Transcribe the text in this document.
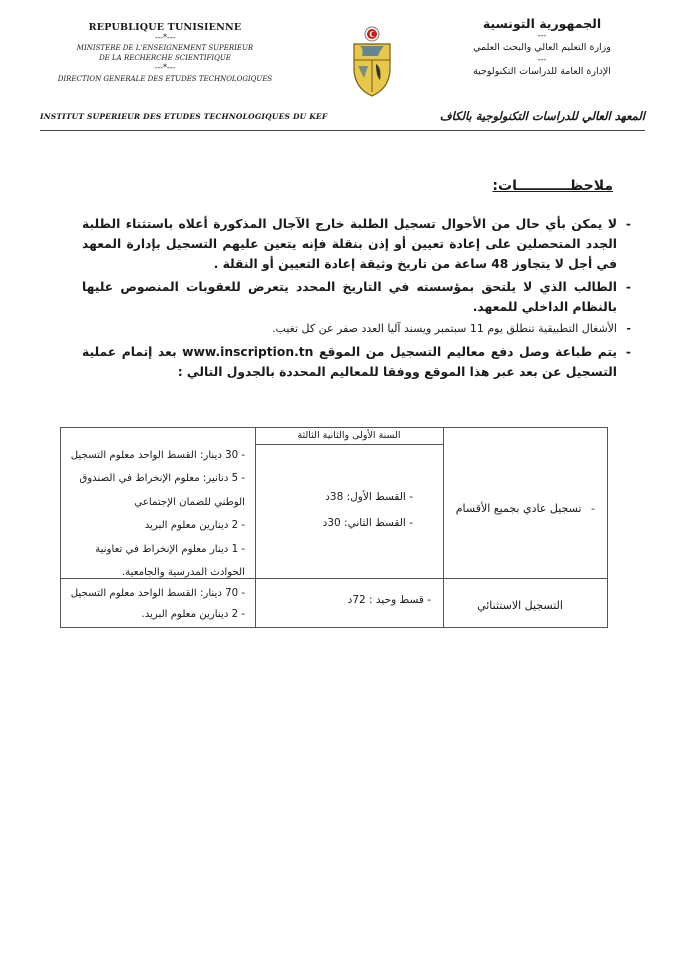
REPUBLIQUE TUNISIENNE
---*---
MINISTERE DE L'ENSEIGNEMENT SUPERIEUR
DE LA RECHERCHE SCIENTIFIQUE
---*---
DIRECTION GENERALE DES ETUDES TECHNOLOGIQUES
الجمهورية التونسية
---
وزارة التعليم العالي والبحث العلمي
---
الإدارة العامة للدراسات التكنولوجية
INSTITUT SUPERIEUR DES ETUDES TECHNOLOGIQUES DU KEF	المعهد العالي للدراسات التكنولوجية بالكاف
ملاحظـــــــــــات:
-
لا يمكن بأي حال من الأحوال تسجيل الطلبة خارج الآجال المذكورة أعلاه باستثناء الطلبة الجدد المتحصلين على إعادة تعيين أو إذن بنقلة فإنه يتعين عليهم التسجيل بإدارة المعهد في أجل لا يتجاوز 48 ساعة من تاريخ وثيقة إعادة التعيين أو النقلة .
-
الطالب الذي لا يلتحق بمؤسسته في التاريخ المحدد يتعرض للعقوبات المنصوص عليها بالنظام الداخلي للمعهد.
-
الأشغال التطبيقية تنطلق يوم 11 سبتمبر ويسند آليا العدد صفر عن كل تغيب.
-
يتم طباعة وصل دفع معاليم التسجيل من الموقع www.inscription.tn بعد إتمام عملية التسجيل عن بعد عبر هذا الموقع ووفقا للمعاليم المحددة بالجدول التالي :
السنة الأولى والثانية الثالثة
- تسجيل عادي بجميع الأقسام
- القسط الأول: 38د
- القسط الثاني: 30د
- 30 دينار: القسط الواحد معلوم التسجيل
- 5 دنانير: معلوم الإنخراط في الصندوق
الوطني للضمان الإجتماعي
- 2 دينارين معلوم البريد
- 1 دينار معلوم الإنخراط في تعاونية
الحوادث المدرسية والجامعية.
التسجيل الاستثنائي
- قسط وحيد : 72د
- 70 دينار: القسط الواحد معلوم التسجيل
- 2 دينارين معلوم البريد.
